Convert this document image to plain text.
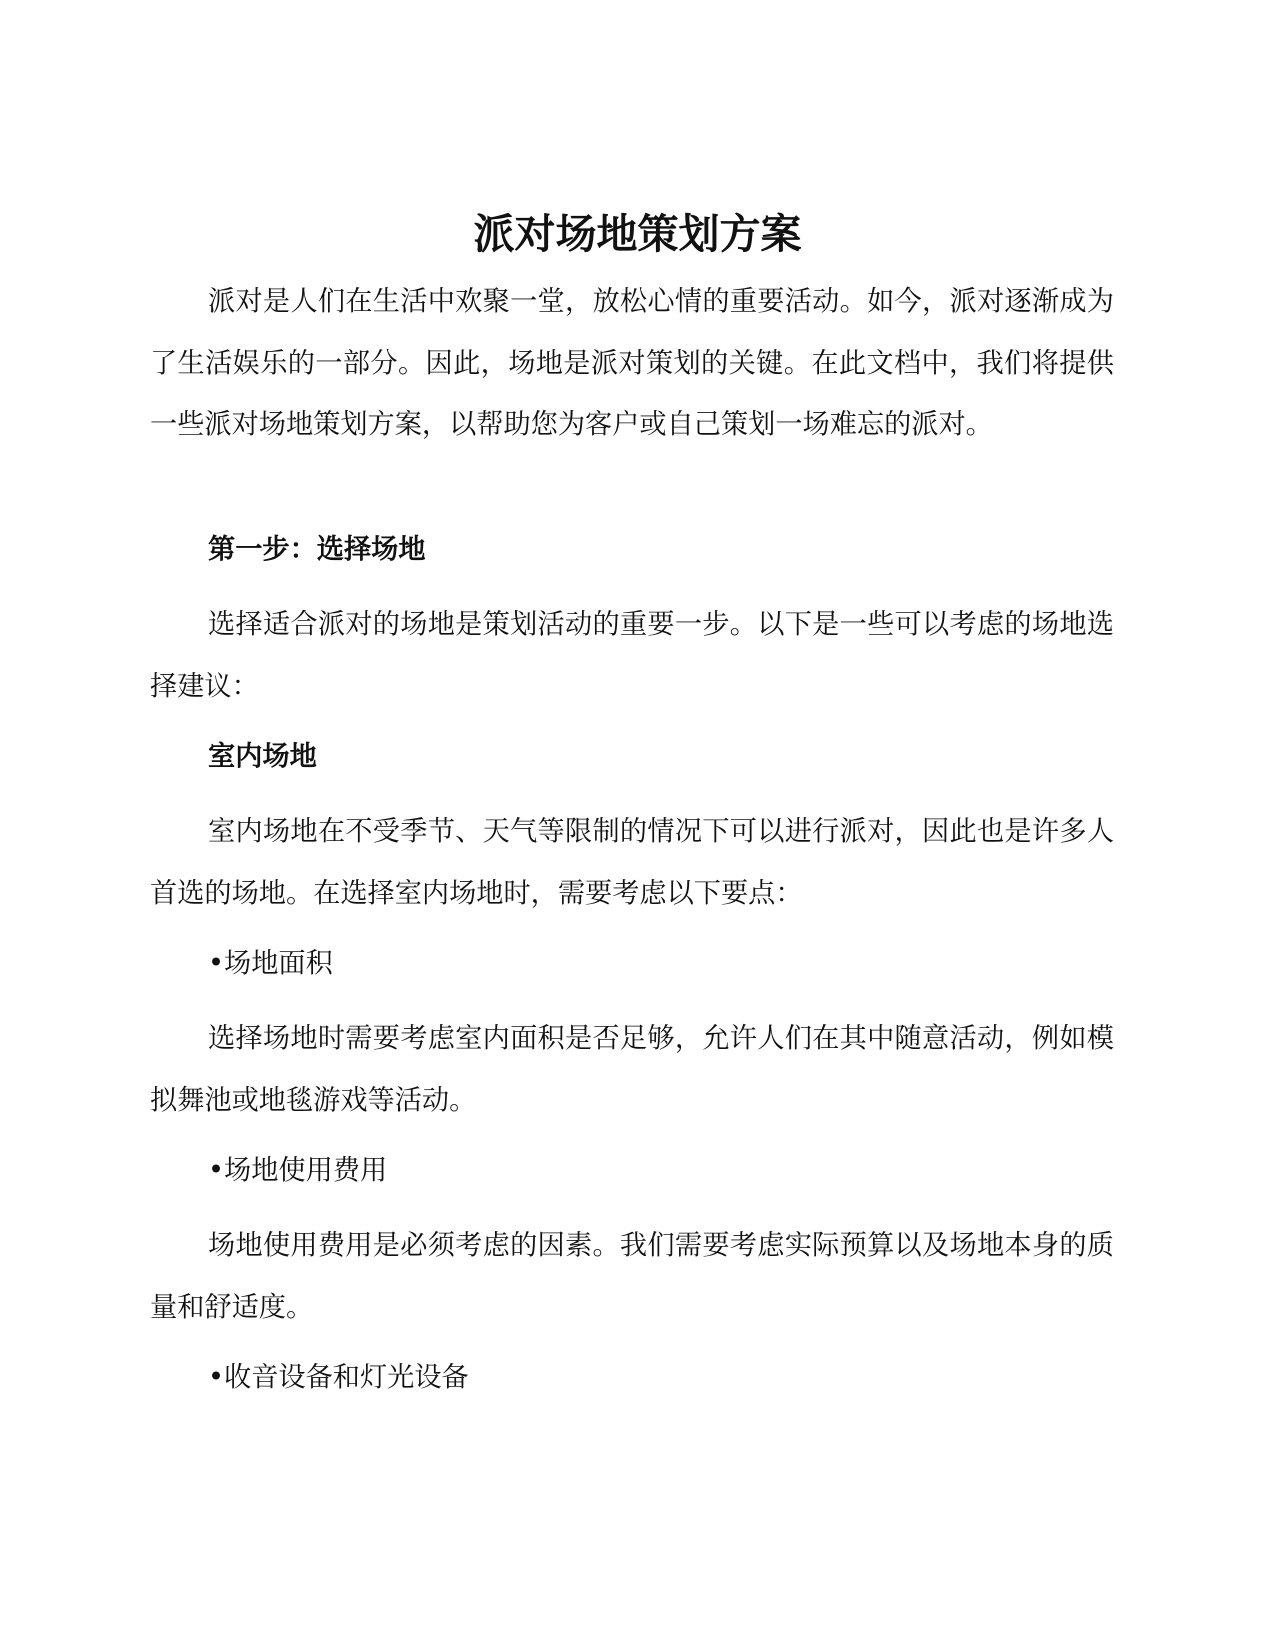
派对场地策划方案

派对是人们在生活中欢聚一堂，放松心情的重要活动。如今，派对逐渐成为了生活娱乐的一部分。因此，场地是派对策划的关键。在此文档中，我们将提供一些派对场地策划方案，以帮助您为客户或自己策划一场难忘的派对。

第一步：选择场地

选择适合派对的场地是策划活动的重要一步。以下是一些可以考虑的场地选择建议：

室内场地

室内场地在不受季节、天气等限制的情况下可以进行派对，因此也是许多人首选的场地。在选择室内场地时，需要考虑以下要点：

•场地面积

选择场地时需要考虑室内面积是否足够，允许人们在其中随意活动，例如模拟舞池或地毯游戏等活动。

•场地使用费用

场地使用费用是必须考虑的因素。我们需要考虑实际预算以及场地本身的质量和舒适度。

•收音设备和灯光设备
